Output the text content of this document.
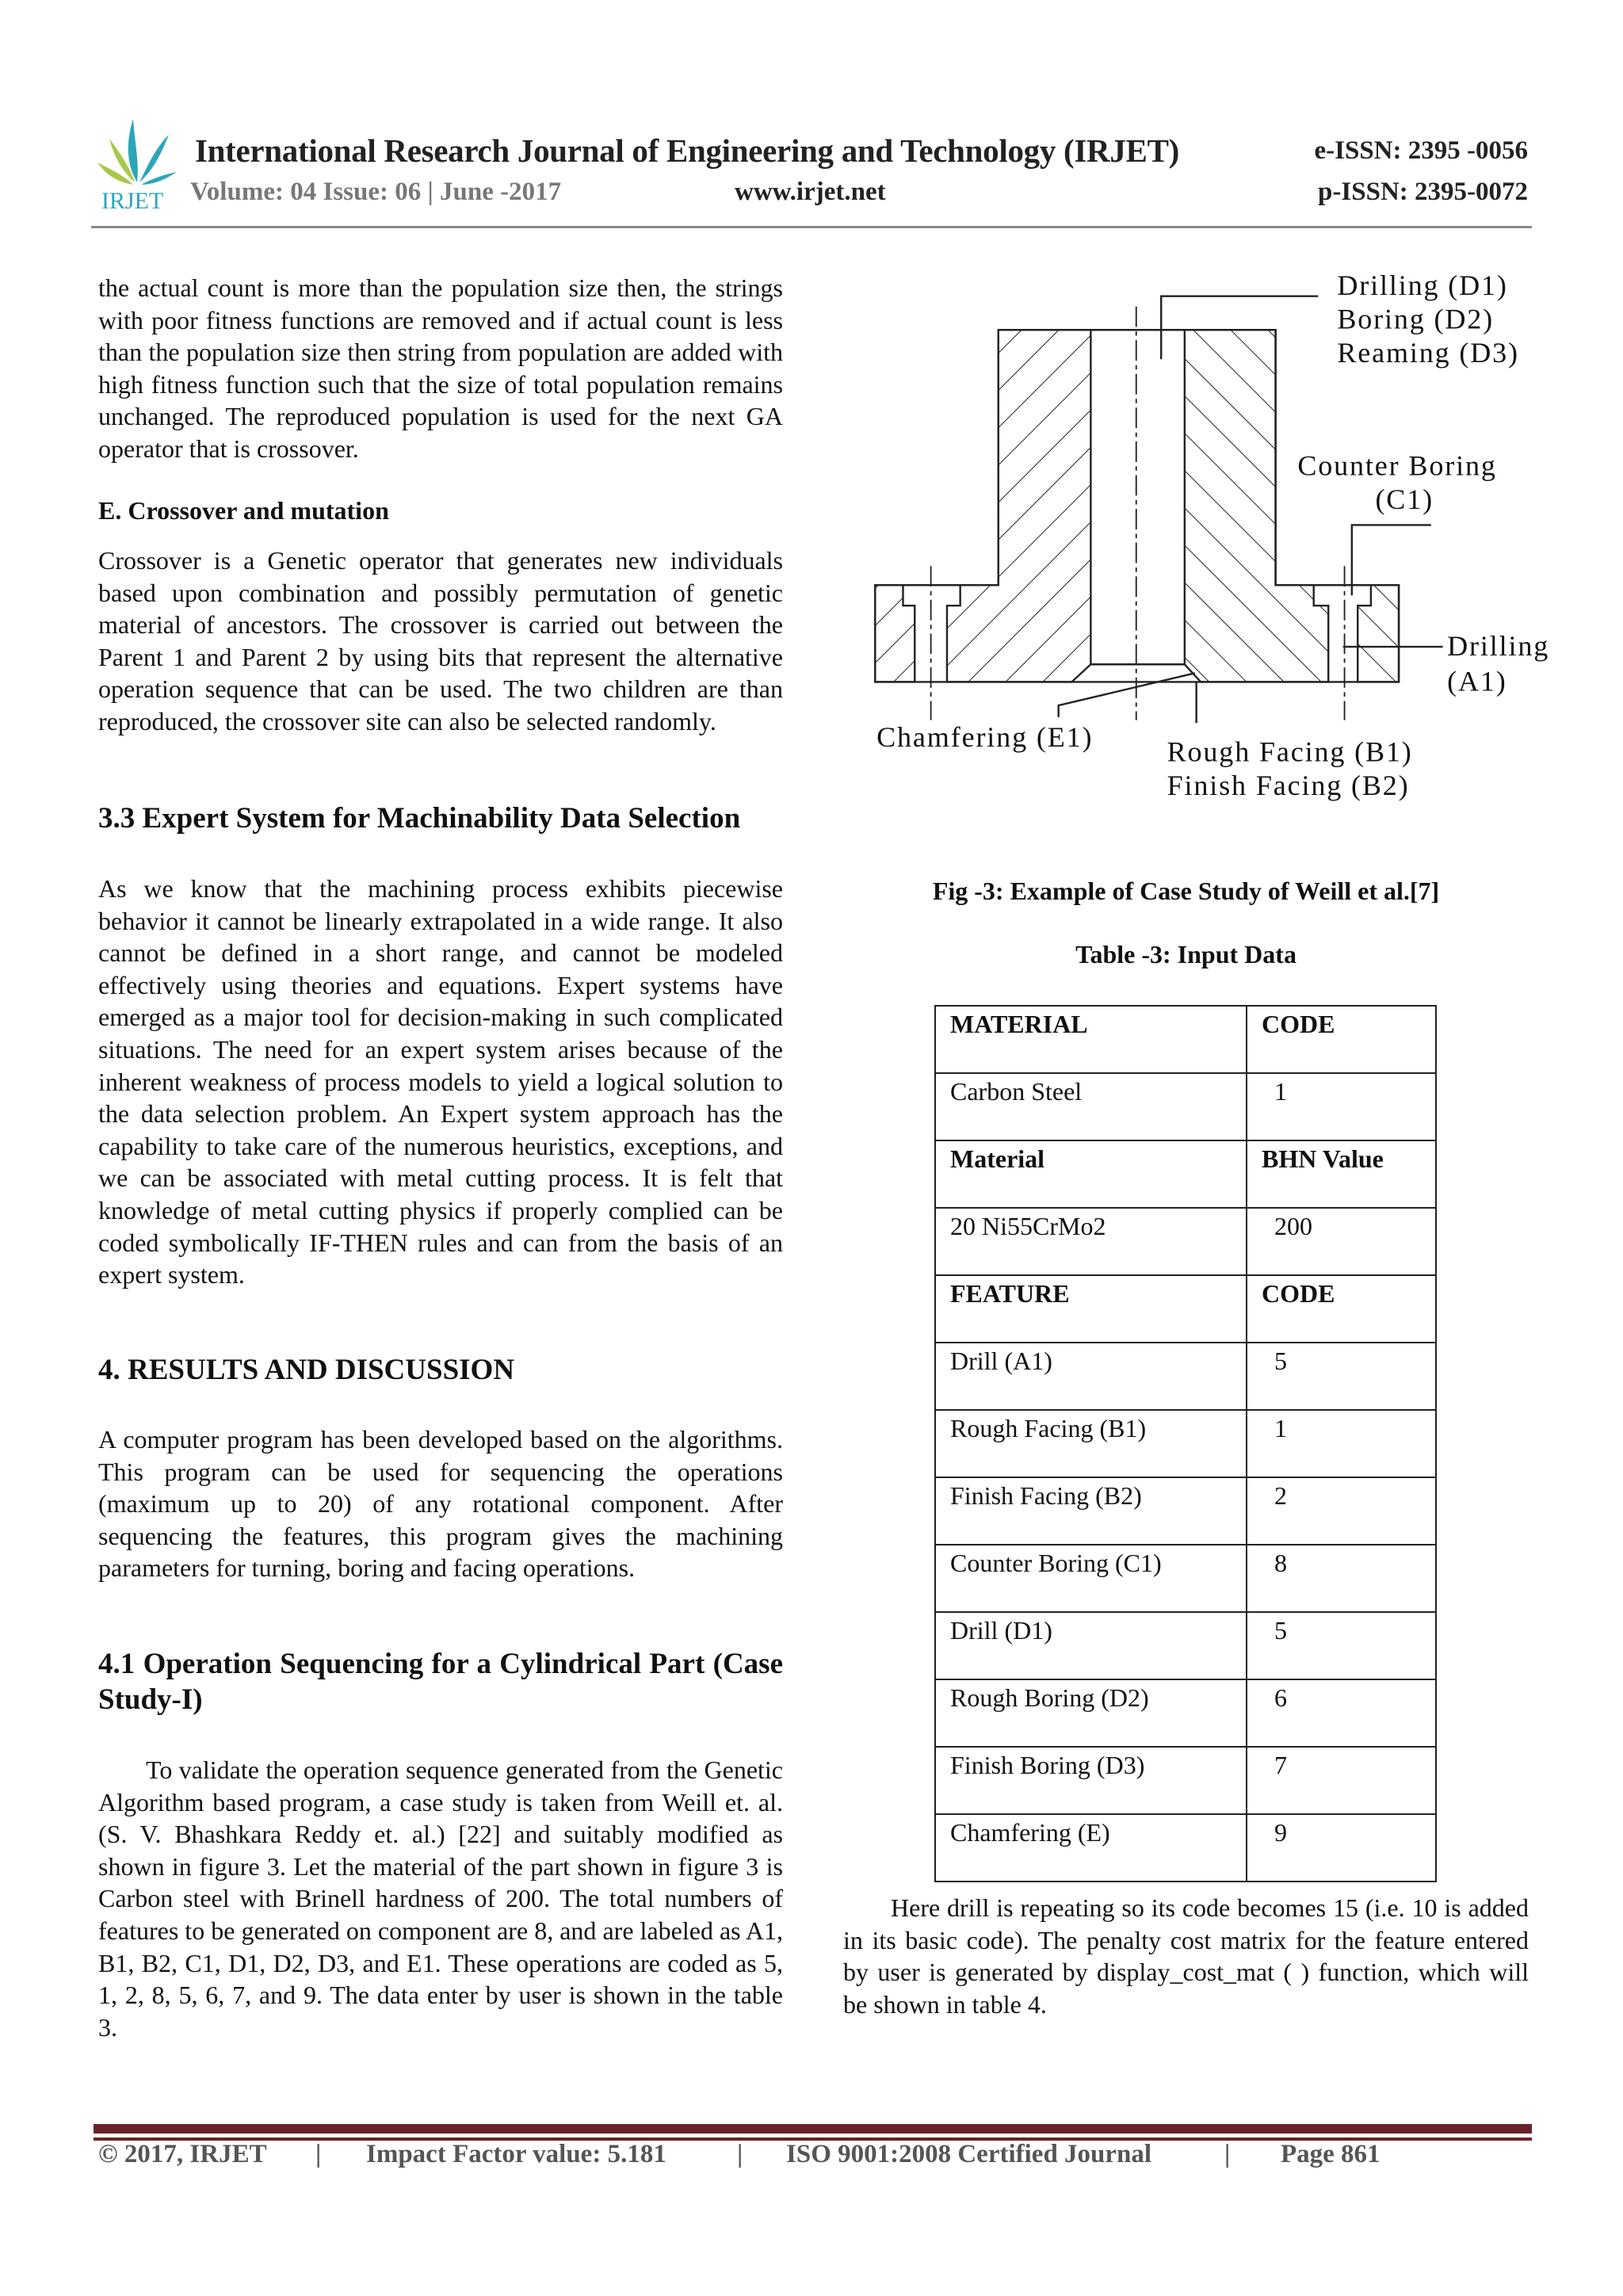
IRJET
International Research Journal of Engineering and Technology (IRJET)	e-ISSN: 2395 -0056
Volume: 04 Issue: 06 | June -2017	www.irjet.net	p-ISSN: 2395-0072

the actual count is more than the population size then, the strings with poor fitness functions are removed and if actual count is less than the population size then string from population are added with high fitness function such that the size of total population remains unchanged. The reproduced population is used for the next GA operator that is crossover.

E. Crossover and mutation

Crossover is a Genetic operator that generates new individuals based upon combination and possibly permutation of genetic material of ancestors. The crossover is carried out between the Parent 1 and Parent 2 by using bits that represent the alternative operation sequence that can be used. The two children are than reproduced, the crossover site can also be selected randomly.

3.3 Expert System for Machinability Data Selection

As we know that the machining process exhibits piecewise behavior it cannot be linearly extrapolated in a wide range. It also cannot be defined in a short range, and cannot be modeled effectively using theories and equations. Expert systems have emerged as a major tool for decision-making in such complicated situations. The need for an expert system arises because of the inherent weakness of process models to yield a logical solution to the data selection problem. An Expert system approach has the capability to take care of the numerous heuristics, exceptions, and we can be associated with metal cutting process. It is felt that knowledge of metal cutting physics if properly complied can be coded symbolically IF-THEN rules and can from the basis of an expert system.

4. RESULTS AND DISCUSSION

A computer program has been developed based on the algorithms. This program can be used for sequencing the operations (maximum up to 20) of any rotational component. After sequencing the features, this program gives the machining parameters for turning, boring and facing operations.

4.1 Operation Sequencing for a Cylindrical Part (Case Study-I)

To validate the operation sequence generated from the Genetic Algorithm based program, a case study is taken from Weill et. al. (S. V. Bhashkara Reddy et. al.) [22] and suitably modified as shown in figure 3. Let the material of the part shown in figure 3 is Carbon steel with Brinell hardness of 200. The total numbers of features to be generated on component are 8, and are labeled as A1, B1, B2, C1, D1, D2, D3, and E1. These operations are coded as 5, 1, 2, 8, 5, 6, 7, and 9. The data enter by user is shown in the table 3.

Drilling (D1)
Boring (D2)
Reaming (D3)
Counter Boring
(C1)
Drilling
(A1)
Chamfering (E1)	Rough Facing (B1)
Finish Facing (B2)
Fig -3: Example of Case Study of Weill et al.[7]
Table -3: Input Data
MATERIAL	CODE
Carbon Steel	1
Material	BHN Value
20 Ni55CrMo2	200
FEATURE	CODE
Drill (A1)	5
Rough Facing (B1)	1
Finish Facing (B2)	2
Counter Boring (C1)	8
Drill (D1)	5
Rough Boring (D2)	6
Finish Boring (D3)	7
Chamfering (E)	9

Here drill is repeating so its code becomes 15 (i.e. 10 is added in its basic code). The penalty cost matrix for the feature entered by user is generated by display_cost_mat ( ) function, which will be shown in table 4.

© 2017, IRJET | Impact Factor value: 5.181	| ISO 9001:2008 Certified Journal	| Page 861
